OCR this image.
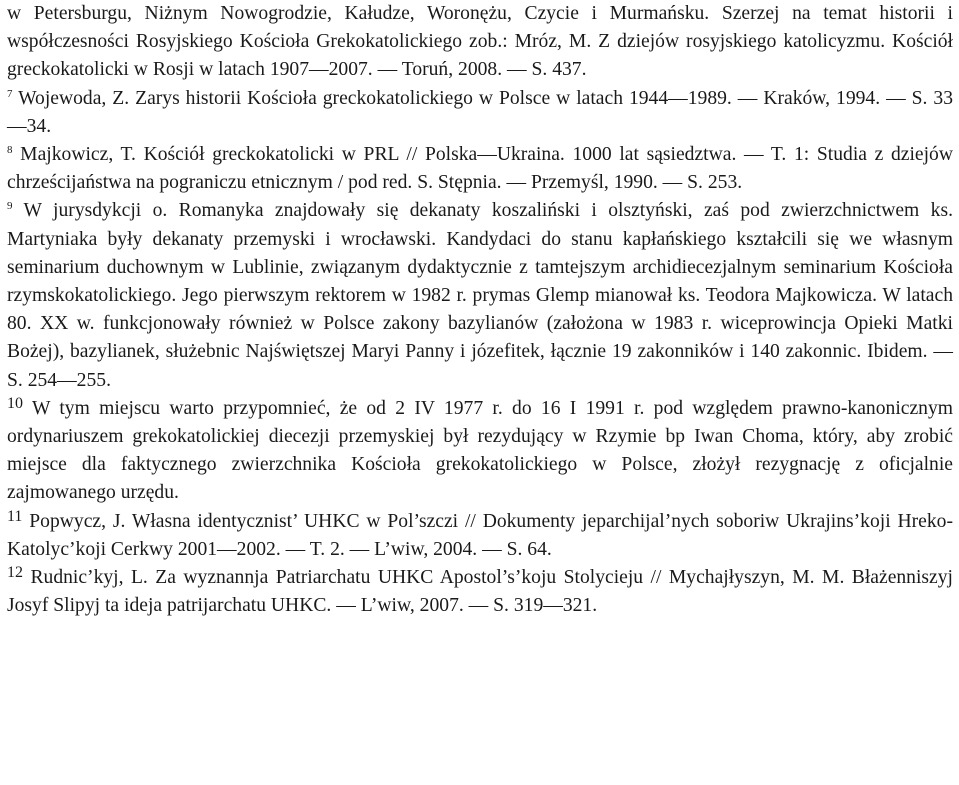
w Petersburgu, Niżnym Nowogrodzie, Kałudze, Woronężu, Czycie i Murmańsku. Szerzej na temat historii i współczesności Rosyjskiego Kościoła Grekokatolickiego zob.: Mróz, M. Z dziejów rosyjskiego katolicyzmu. Kościół greckokatolicki w Rosji w latach 1907—2007. — Toruń, 2008. — S. 437.

$^7$ Wojewoda, Z. Zarys historii Kościoła greckokatolickiego w Polsce w latach 1944—1989. — Kraków, 1994. — S. 33—34.

$^8$ Majkowicz, T. Kościół greckokatolicki w PRL // Polska—Ukraina. 1000 lat sąsiedztwa. — T. 1: Studia z dziejów chrześcijaństwa na pograniczu etnicznym / pod red. S. Stępnia. — Przemyśl, 1990. — S. 253.

$^9$ W jurysdykcji o. Romanyka znajdowały się dekanaty koszaliński i olsztyński, zaś pod zwierzchnictwem ks. Martyniaka były dekanaty przemyski i wrocławski. Kandydaci do stanu kapłańskiego kształcili się we własnym seminarium duchownym w Lublinie, związanym dydaktycznie z tamtejszym archidiecezjalnym seminarium Kościoła rzymskokatolickiego. Jego pierwszym rektorem w 1982 r. prymas Glemp mianował ks. Teodora Majkowicza. W latach 80. XX w. funkcjonowały również w Polsce zakony bazylianów (założona w 1983 r. wiceprowincja Opieki Matki Bożej), bazylianek, służebnic Najświętszej Maryi Panny i józefitek, łącznie 19 zakonników i 140 zakonnic. Ibidem. — S. 254—255.

$^{10}$ W tym miejscu warto przypomnieć, że od 2 IV 1977 r. do 16 I 1991 r. pod względem prawno-kanonicznym ordynariuszem grekokatolickiej diecezji przemyskiej był rezydujący w Rzymie bp Iwan Choma, który, aby zrobić miejsce dla faktycznego zwierzchnika Kościoła grekokatolickiego w Polsce, złożył rezygnację z oficjalnie zajmowanego urzędu.

$^{11}$ Popwycz, J. Własna identycznist’ UHKC w Pol’szczi // Dokumenty jeparchijal’nych soboriw Ukrajins’koji Hreko-Katolyc’koji Cerkwy 2001—2002. — T. 2. — L’wiw, 2004. — S. 64.

$^{12}$ Rudnic’kyj, L. Za wyznannja Patriarchatu UHKC Apostol’s’koju Stolycieju // Mychajłyszyn, M. M. Błażenniszyj Josyf Slipyj ta ideja patrijarchatu UHKC. — L’wiw, 2007. — S. 319—321.
